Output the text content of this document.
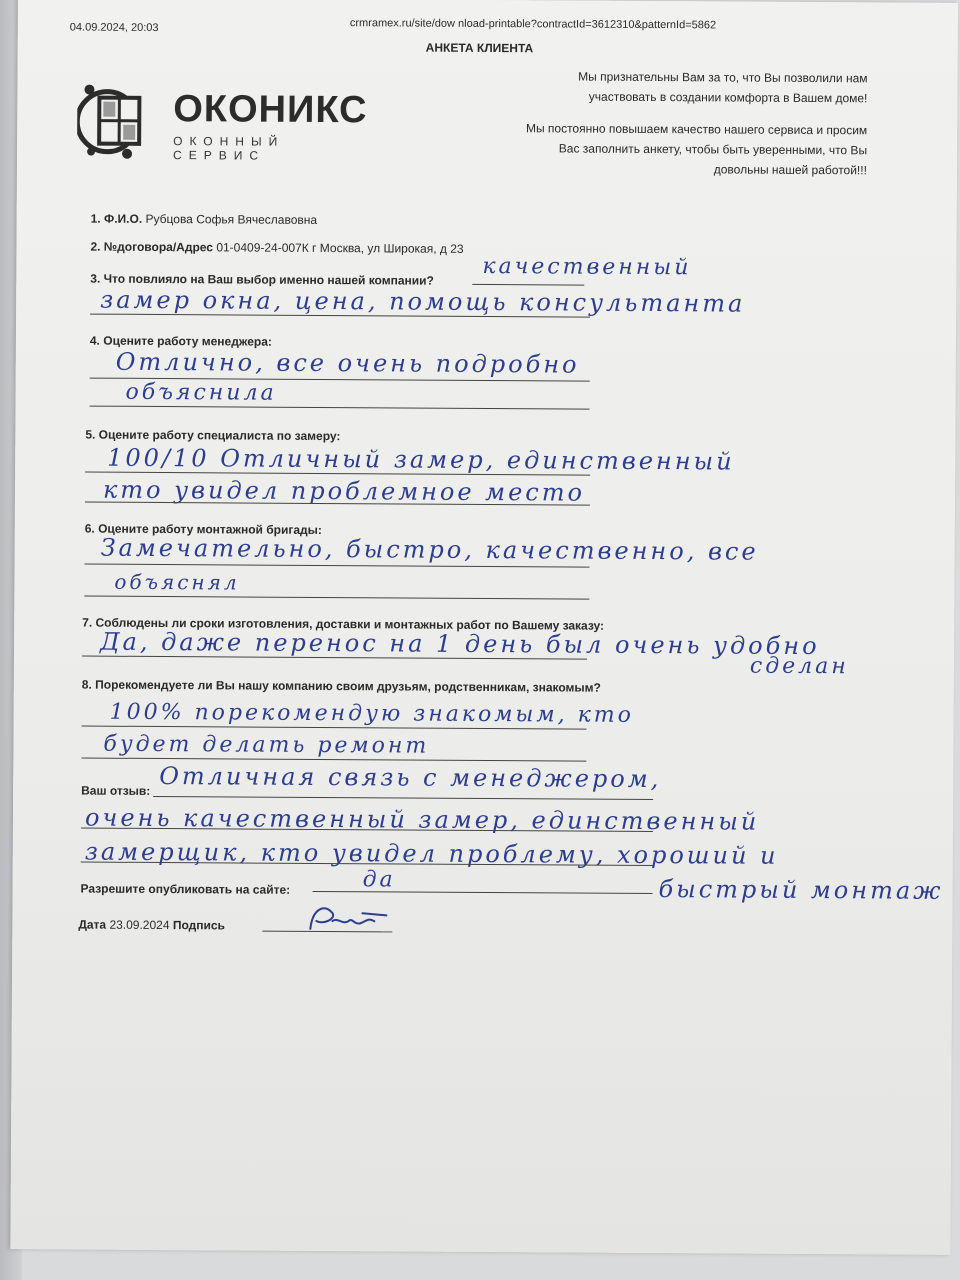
04.09.2024, 20:03	crmramex.ru/site/dow nload-printable?contractId=3612310&patternId=5862
АНКЕТА КЛИЕНТА
ОКОНИКС
ОКОННЫЙ СЕРВИС
Мы признательны Вам за то, что Вы позволили нам
участвовать в создании комфорта в Вашем доме!
Мы постоянно повышаем качество нашего сервиса и просим
Вас заполнить анкету, чтобы быть уверенными, что Вы
довольны нашей работой!!!
1. Ф.И.О. Рубцова Софья Вячеславовна
2. №договора/Адрес 01-0409-24-007К г Москва, ул Широкая, д 23
3. Что повлияло на Ваш выбор именно нашей компании? качественный
замер окна, цена, помощь консультанта
4. Оцените работу менеджера:
Отлично, все очень подробно
объяснила
5. Оцените работу специалиста по замеру:
100/10 Отличный замер, единственный
кто увидел проблемное место
6. Оцените работу монтажной бригады:
Замечательно, быстро, качественно, все
объяснял
7. Соблюдены ли сроки изготовления, доставки и монтажных работ по Вашему заказу:
Да, даже перенос на 1 день был очень удобно
сделан
8. Порекомендуете ли Вы нашу компанию своим друзьям, родственникам, знакомым?
100% порекомендую знакомым, кто
будет делать ремонт
Ваш отзыв: Отличная связь с менеджером,
очень качественный замер, единственный
замерщик, кто увидел проблему, хороший и
Разрешите опубликовать на сайте:	да	быстрый монтаж
Дата 23.09.2024 Подпись
